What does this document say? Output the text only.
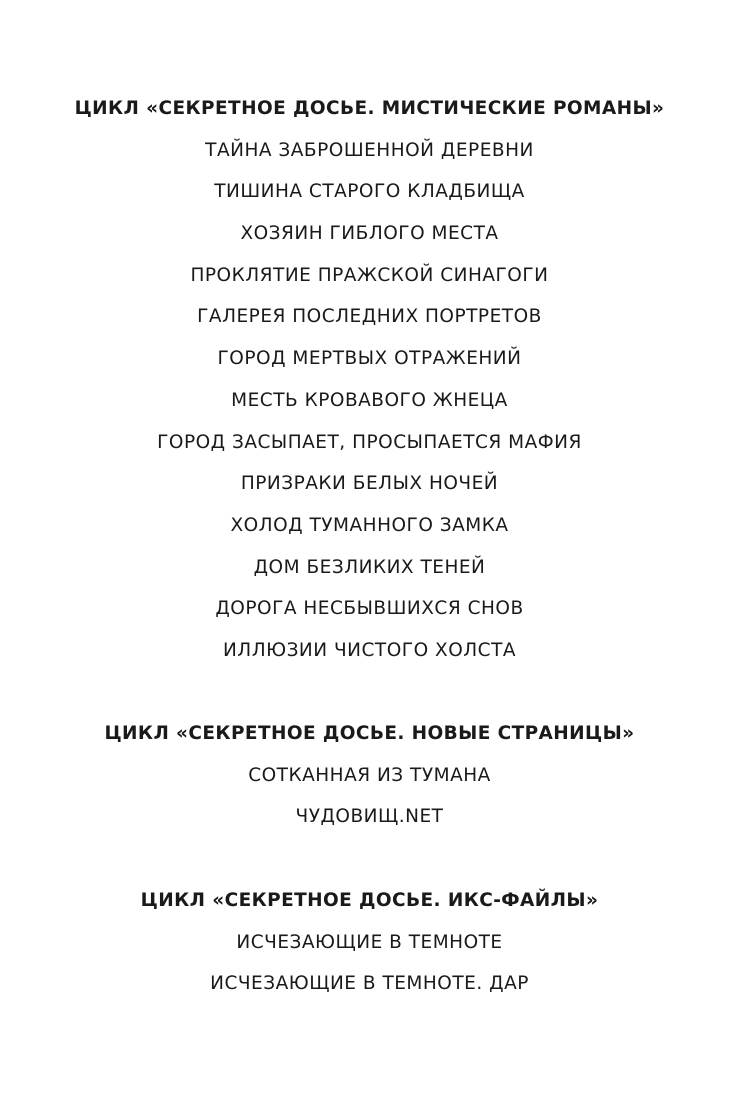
ЦИКЛ «СЕКРЕТНОЕ ДОСЬЕ. МИСТИЧЕСКИЕ РОМАНЫ»
ТАЙНА ЗАБРОШЕННОЙ ДЕРЕВНИ
ТИШИНА СТАРОГО КЛАДБИЩА
ХОЗЯИН ГИБЛОГО МЕСТА
ПРОКЛЯТИЕ ПРАЖСКОЙ СИНАГОГИ
ГАЛЕРЕЯ ПОСЛЕДНИХ ПОРТРЕТОВ
ГОРОД МЕРТВЫХ ОТРАЖЕНИЙ
МЕСТЬ КРОВАВОГО ЖНЕЦА
ГОРОД ЗАСЫПАЕТ, ПРОСЫПАЕТСЯ МАФИЯ
ПРИЗРАКИ БЕЛЫХ НОЧЕЙ
ХОЛОД ТУМАННОГО ЗАМКА
ДОМ БЕЗЛИКИХ ТЕНЕЙ
ДОРОГА НЕСБЫВШИХСЯ СНОВ
ИЛЛЮЗИИ ЧИСТОГО ХОЛСТА
ЦИКЛ «СЕКРЕТНОЕ ДОСЬЕ. НОВЫЕ СТРАНИЦЫ»
СОТКАННАЯ ИЗ ТУМАНА
ЧУДОВИЩ.NET
ЦИКЛ «СЕКРЕТНОЕ ДОСЬЕ. ИКС-ФАЙЛЫ»
ИСЧЕЗАЮЩИЕ В ТЕМНОТЕ
ИСЧЕЗАЮЩИЕ В ТЕМНОТЕ. ДАР
